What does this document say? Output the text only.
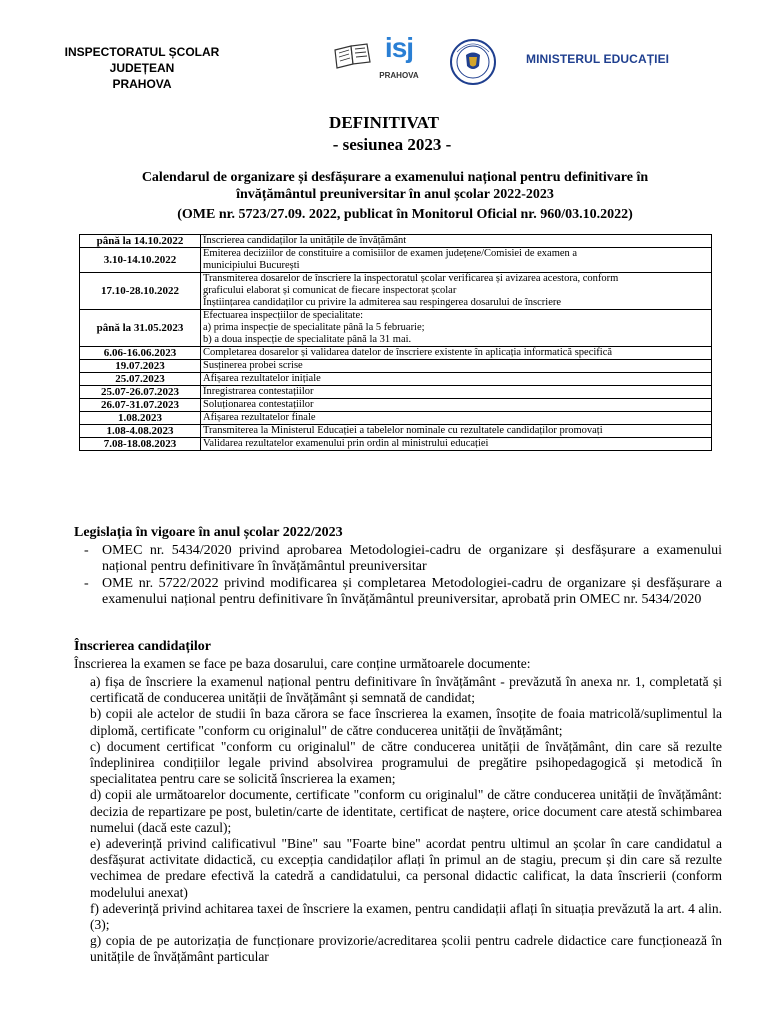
INSPECTORATUL ȘCOLAR JUDEȚEAN
PRAHOVA
isj
PRAHOVA
MINISTERUL EDUCAȚIEI
DEFINITIVAT
- sesiunea 2023 -
Calendarul de organizare și desfășurare a examenului național pentru definitivare în
învățământul preuniversitar în anul școlar 2022-2023
(OME nr. 5723/27.09. 2022, publicat în Monitorul Oficial nr. 960/03.10.2022)
până la 14.10.2022	Înscrierea candidaților la unitățile de învățământ

3.10-14.10.2022	Emiterea deciziilor de constituire a comisiilor de examen județene/Comisiei de examen a
municipiului București

17.10-28.10.2022	Transmiterea dosarelor de înscriere la inspectoratul școlar verificarea și avizarea acestora, conform
graficului elaborat și comunicat de fiecare inspectorat școlar
Înștiințarea candidaților cu privire la admiterea sau respingerea dosarului de înscriere

până la 31.05.2023	Efectuarea inspecțiilor de specialitate:
a) prima inspecție de specialitate până la 5 februarie;
b) a doua inspecție de specialitate până la 31 mai.

6.06-16.06.2023	Completarea dosarelor și validarea datelor de înscriere existente în aplicația informatică specifică

19.07.2023	Susținerea probei scrise

25.07.2023	Afișarea rezultatelor inițiale

25.07-26.07.2023	Înregistrarea contestațiilor

26.07-31.07.2023	Soluționarea contestațiilor

1.08.2023	Afișarea rezultatelor finale

1.08-4.08.2023	Transmiterea la Ministerul Educației a tabelelor nominale cu rezultatele candidaților promovați

7.08-18.08.2023	Validarea rezultatelor examenului prin ordin al ministrului educației
Legislația în vigoare în anul școlar 2022/2023
- OMEC nr. 5434/2020 privind aprobarea Metodologiei-cadru de organizare și desfășurare a examenului național pentru definitivare în învățământul preuniversitar
- OME nr. 5722/2022 privind modificarea și completarea Metodologiei-cadru de organizare și desfășurare a examenului național pentru definitivare în învățământul preuniversitar, aprobată prin OMEC nr. 5434/2020
Înscrierea candidaților
Înscrierea la examen se face pe baza dosarului, care conține următoarele documente:

a) fișa de înscriere la examenul național pentru definitivare în învățământ - prevăzută în anexa nr. 1, completată și certificată de conducerea unității de învățământ și semnată de candidat;

b) copii ale actelor de studii în baza cărora se face înscrierea la examen, însoțite de foaia matricolă/suplimentul la diplomă, certificate "conform cu originalul" de către conducerea unității de învățământ;

c) document certificat "conform cu originalul" de către conducerea unității de învățământ, din care să rezulte îndeplinirea condițiilor legale privind absolvirea programului de pregătire psihopedagogică și metodică în specialitatea pentru care se solicită înscrierea la examen;

d) copii ale următoarelor documente, certificate "conform cu originalul" de către conducerea unității de învățământ: decizia de repartizare pe post, buletin/carte de identitate, certificat de naștere, orice document care atestă schimbarea numelui (dacă este cazul);

e) adeverință privind calificativul "Bine" sau "Foarte bine" acordat pentru ultimul an școlar în care candidatul a desfășurat activitate didactică, cu excepția candidaților aflați în primul an de stagiu, precum și din care să rezulte vechimea de predare efectivă la catedră a candidatului, ca personal didactic calificat, la data înscrierii (conform modelului anexat)

f) adeverință privind achitarea taxei de înscriere la examen, pentru candidații aflați în situația prevăzută la art. 4 alin. (3);

g) copia de pe autorizația de funcționare provizorie/acreditarea școlii pentru cadrele didactice care funcționează în unitățile de învățământ particular
